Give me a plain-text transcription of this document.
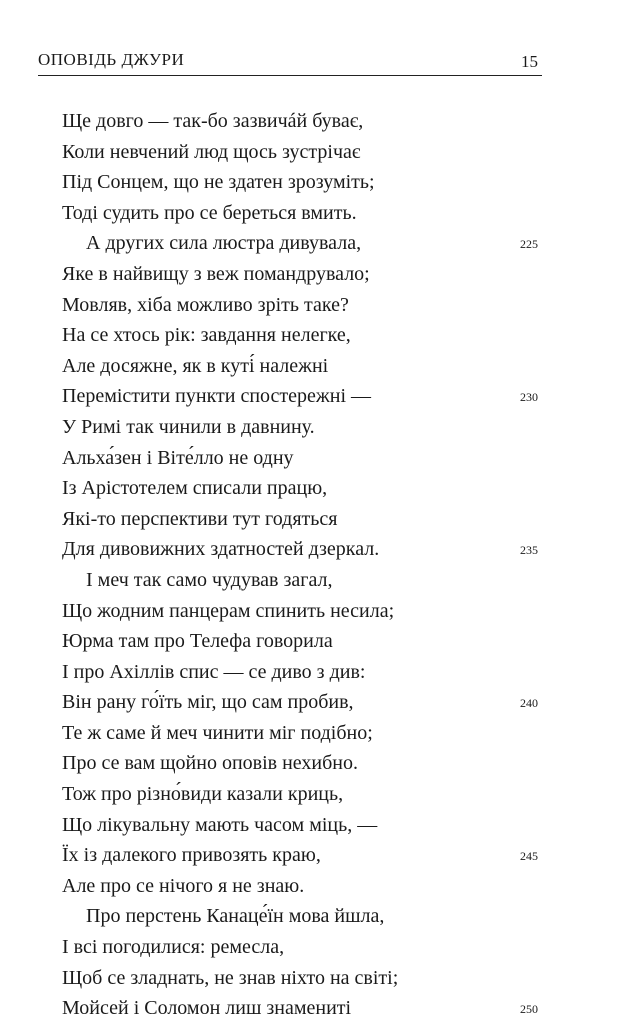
ОПОВІДЬ ДЖУРИ	15
Ще довго — так-бо зазвичáй буває,
Коли невчений люд щось зустрічає
Під Сонцем, що не здатен зрозуміть;
Тоді судить про се береться вмить.
А других сила люстра дивувала,	225
Яке в найвищу з веж помандрувало;
Мовляв, хіба можливо зріть таке?
На се хтось рік: завдання нелегке,
Але досяжне, як в куті́ належні
Перемістити пункти спостережні —	230
У Римі так чинили в давнину.
Альха́зен і Віте́лло не одну
Із Арістотелем списали працю,
Які-то перспективи тут годяться
Для дивовижних здатностей дзеркал.	235
І меч так само чудував загал,
Що жодним панцерам спинить несила;
Юрма там про Телефа говорила
І про Ахіллів спис — се диво з див:
Він рану го́їть міг, що сам пробив,	240
Те ж саме й меч чинити міг подібно;
Про се вам щойно оповів нехибно.
Тож про різно́види казали криць,
Що лікувальну мають часом міць, —
Їх із далекого привозять краю,	245
Але про се нічого я не знаю.
Про перстень Канаце́їн мова йшла,
І всі погодилися: ремесла,
Щоб се зладнать, не знав ніхто на світі;
Мойсей і Соломон лиш знамениті	250
